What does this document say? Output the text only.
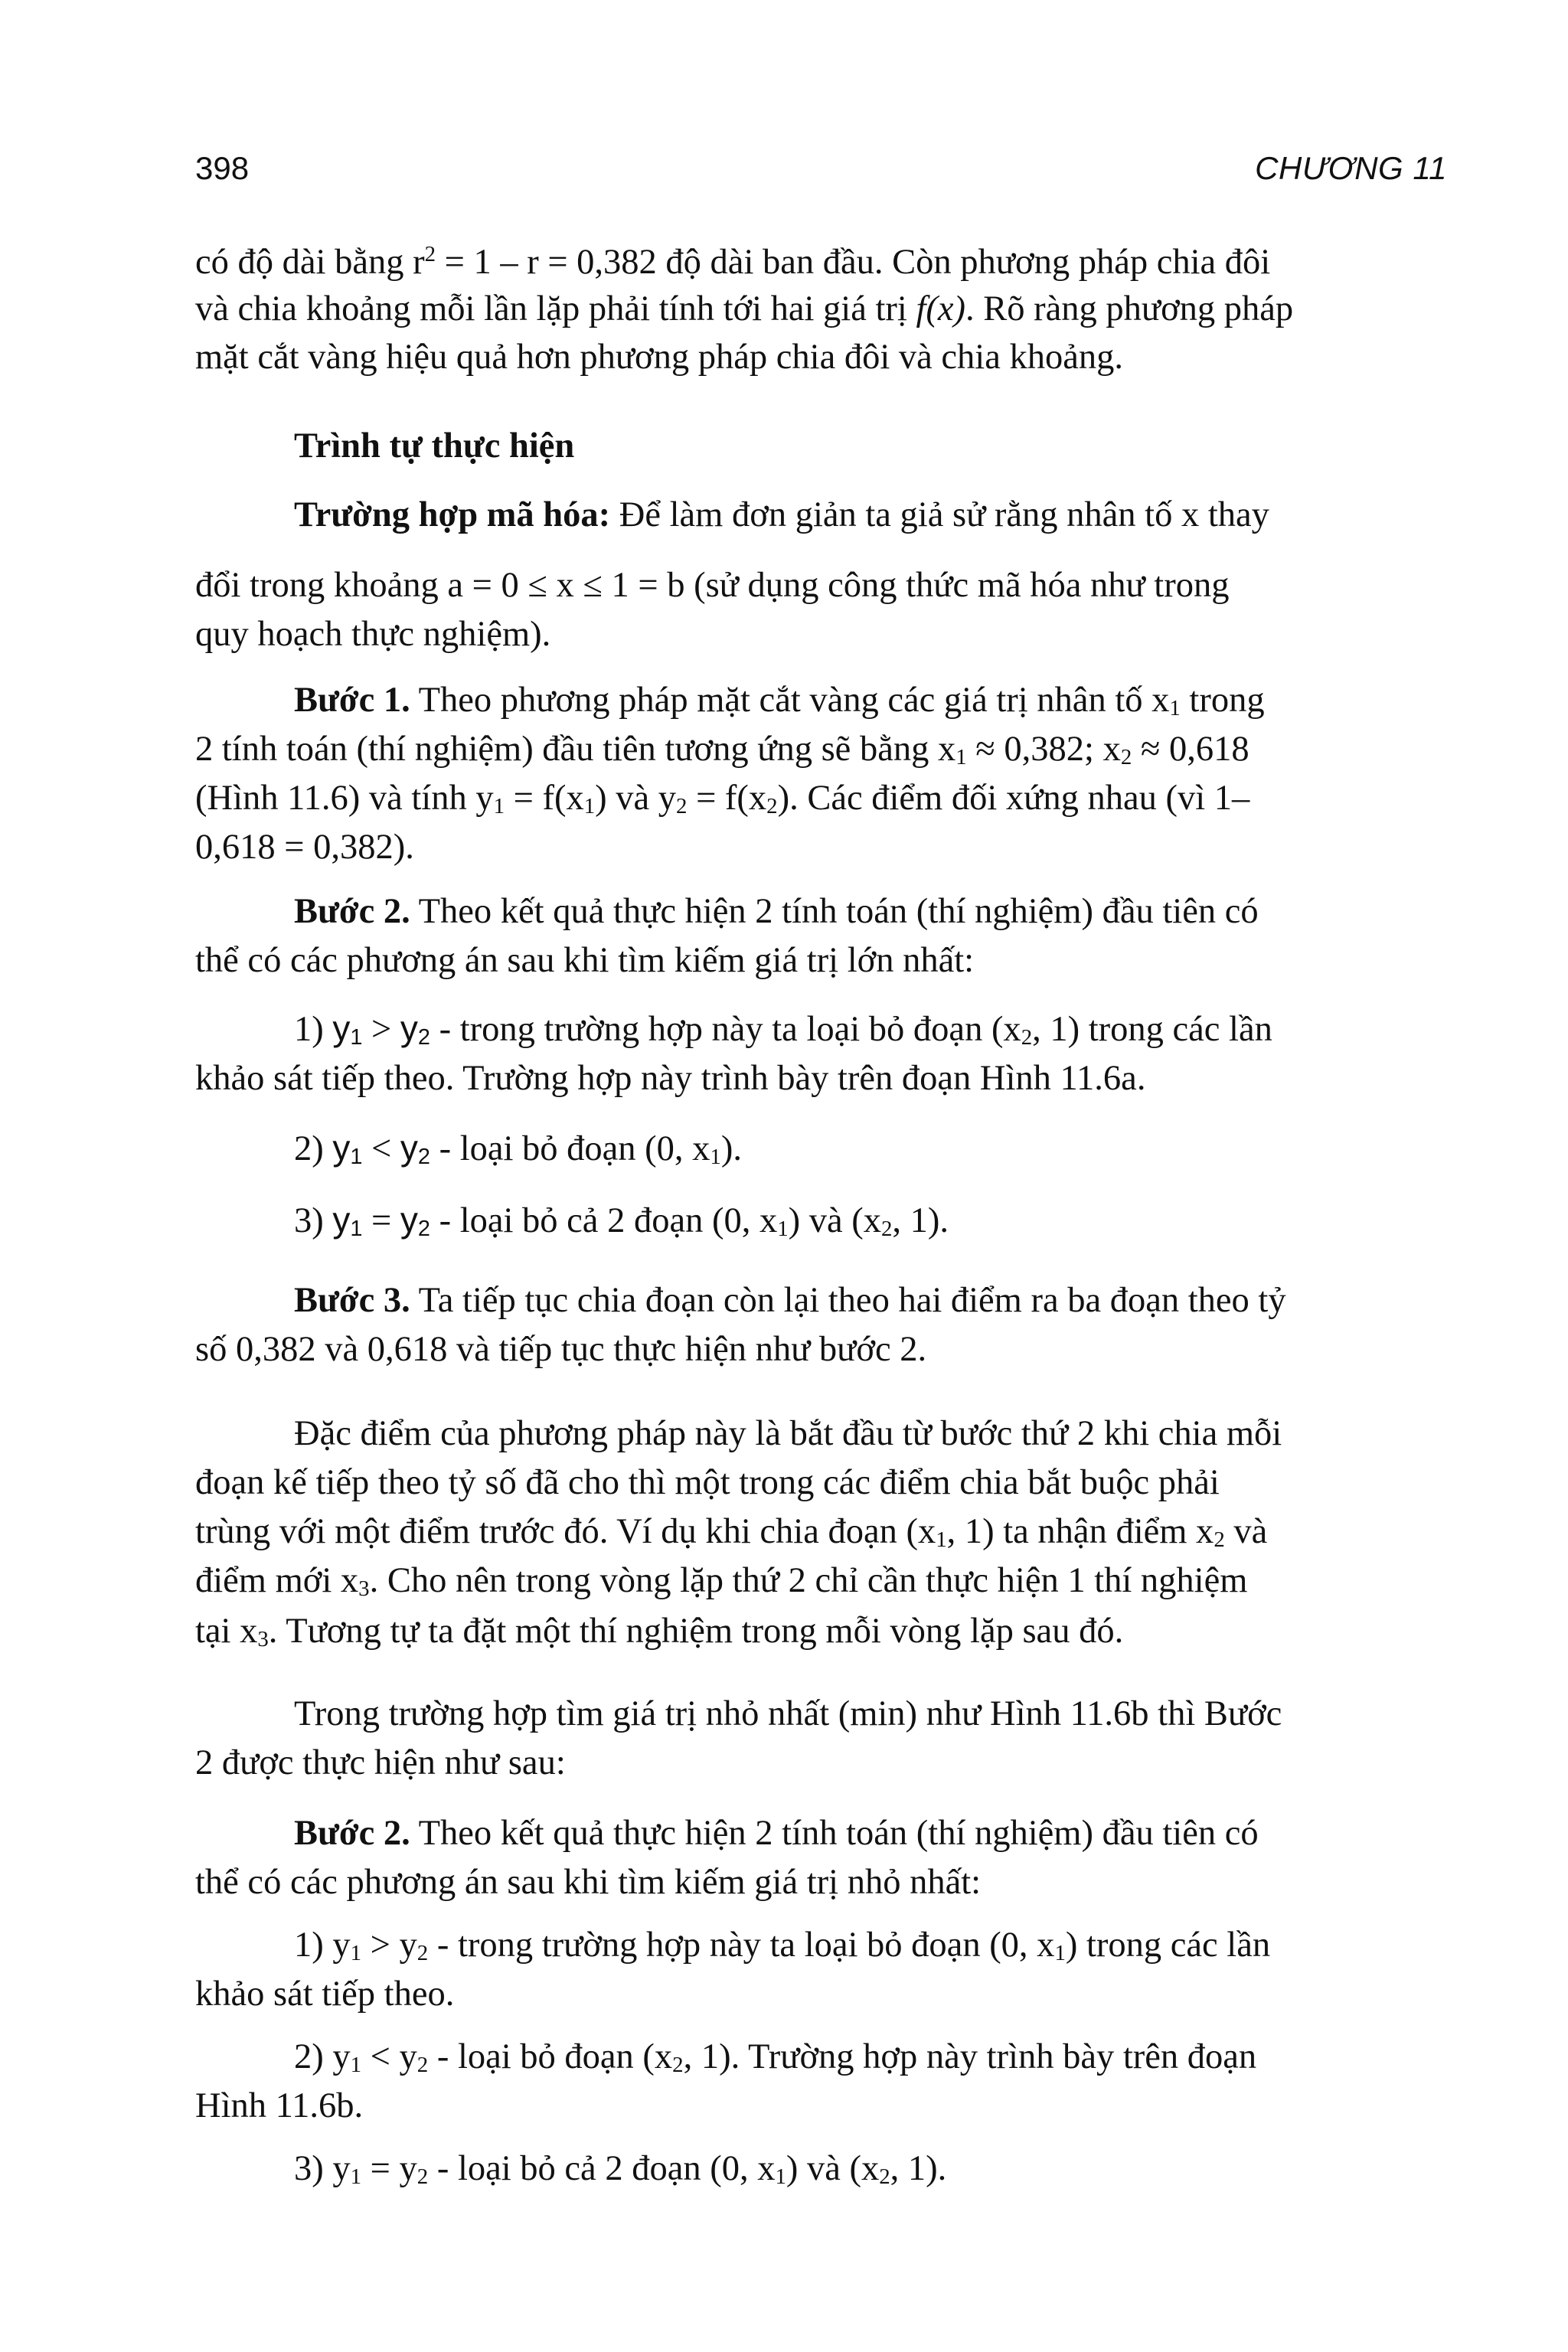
398	CHƯƠNG 11
có độ dài bằng $r^2 = 1 - r = 0,382$ độ dài ban đầu. Còn phương pháp chia đôi
và chia khoảng mỗi lần lặp phải tính tới hai giá trị f(x). Rõ ràng phương pháp
mặt cắt vàng hiệu quả hơn phương pháp chia đôi và chia khoảng.
Trình tự thực hiện
Trường hợp mã hóa: Để làm đơn giản ta giả sử rằng nhân tố x thay
đổi trong khoảng a = 0 ≤ x ≤ 1 = b (sử dụng công thức mã hóa như trong
quy hoạch thực nghiệm).
Bước 1. Theo phương pháp mặt cắt vàng các giá trị nhân tố x1 trong
2 tính toán (thí nghiệm) đầu tiên tương ứng sẽ bằng x1 ≈ 0,382; x2 ≈ 0,618
(Hình 11.6) và tính y1 = f(x1) và y2 = f(x2). Các điểm đối xứng nhau (vì 1–
0,618 = 0,382).
Bước 2. Theo kết quả thực hiện 2 tính toán (thí nghiệm) đầu tiên có
thể có các phương án sau khi tìm kiếm giá trị lớn nhất:
1) y1 > y2 - trong trường hợp này ta loại bỏ đoạn (x2, 1) trong các lần
khảo sát tiếp theo. Trường hợp này trình bày trên đoạn Hình 11.6a.
2) y1 < y2 - loại bỏ đoạn (0, x1).
3) y1 = y2 - loại bỏ cả 2 đoạn (0, x1) và (x2, 1).
Bước 3. Ta tiếp tục chia đoạn còn lại theo hai điểm ra ba đoạn theo tỷ
số 0,382 và 0,618 và tiếp tục thực hiện như bước 2.
Đặc điểm của phương pháp này là bắt đầu từ bước thứ 2 khi chia mỗi
đoạn kế tiếp theo tỷ số đã cho thì một trong các điểm chia bắt buộc phải
trùng với một điểm trước đó. Ví dụ khi chia đoạn (x1, 1) ta nhận điểm x2 và
điểm mới x3. Cho nên trong vòng lặp thứ 2 chỉ cần thực hiện 1 thí nghiệm
tại x3. Tương tự ta đặt một thí nghiệm trong mỗi vòng lặp sau đó.
Trong trường hợp tìm giá trị nhỏ nhất (min) như Hình 11.6b thì Bước
2 được thực hiện như sau:
Bước 2. Theo kết quả thực hiện 2 tính toán (thí nghiệm) đầu tiên có
thể có các phương án sau khi tìm kiếm giá trị nhỏ nhất:
1) y1 > y2 - trong trường hợp này ta loại bỏ đoạn (0, x1) trong các lần
khảo sát tiếp theo.
2) y1 < y2 - loại bỏ đoạn (x2, 1). Trường hợp này trình bày trên đoạn
Hình 11.6b.
3) y1 = y2 - loại bỏ cả 2 đoạn (0, x1) và (x2, 1).
